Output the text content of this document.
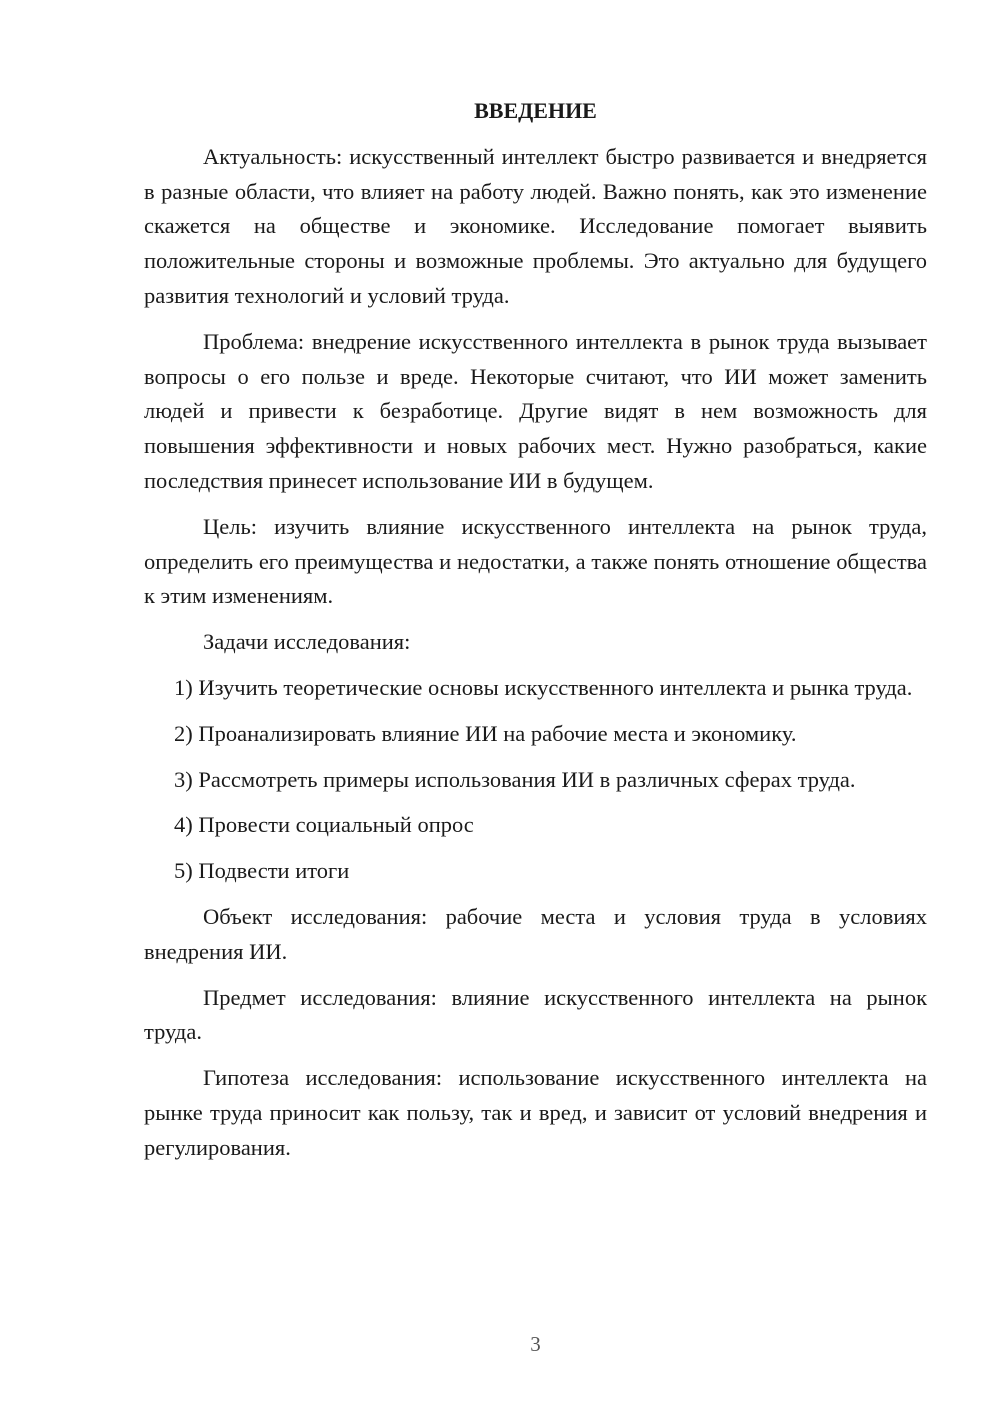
ВВЕДЕНИЕ

Актуальность: искусственный интеллект быстро развивается и внедряется в разные области, что влияет на работу людей. Важно понять, как это изменение скажется на обществе и экономике. Исследование помогает выявить положительные стороны и возможные проблемы. Это актуально для будущего развития технологий и условий труда.

Проблема: внедрение искусственного интеллекта в рынок труда вызывает вопросы о его пользе и вреде. Некоторые считают, что ИИ может заменить людей и привести к безработице. Другие видят в нем возможность для повышения эффективности и новых рабочих мест. Нужно разобраться, какие последствия принесет использование ИИ в будущем.

Цель: изучить влияние искусственного интеллекта на рынок труда, определить его преимущества и недостатки, а также понять отношение общества к этим изменениям.

Задачи исследования:

1) Изучить теоретические основы искусственного интеллекта и рынка труда.

2) Проанализировать влияние ИИ на рабочие места и экономику.

3) Рассмотреть примеры использования ИИ в различных сферах труда.

4) Провести социальный опрос

5) Подвести итоги

Объект исследования: рабочие места и условия труда в условиях внедрения ИИ.

Предмет исследования: влияние искусственного интеллекта на рынок труда.

Гипотеза исследования: использование искусственного интеллекта на рынке труда приносит как пользу, так и вред, и зависит от условий внедрения и регулирования.

3
